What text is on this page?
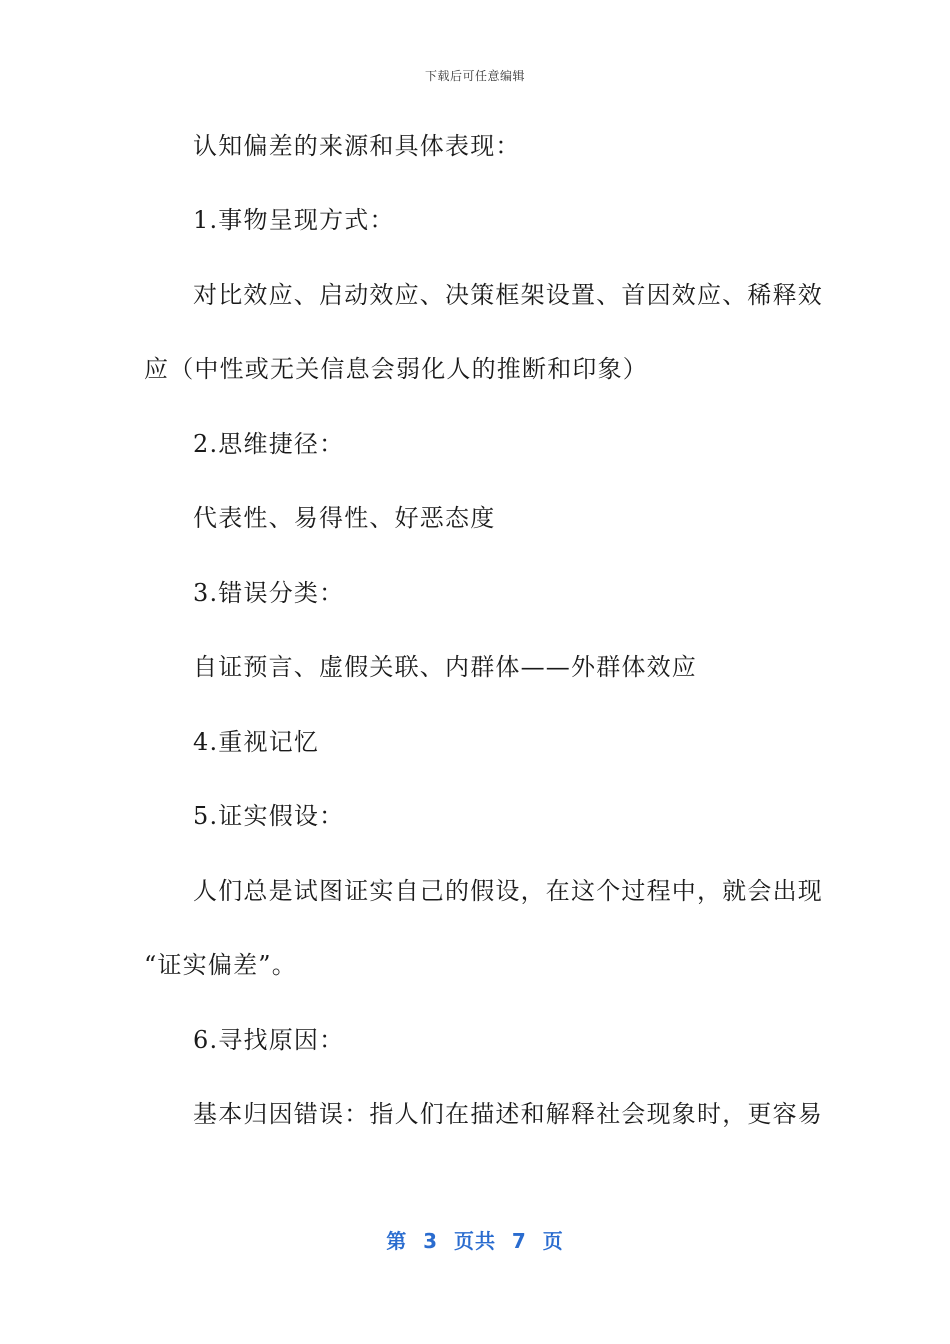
下载后可任意编辑
认知偏差的来源和具体表现：
1.事物呈现方式：
对比效应、启动效应、决策框架设置、首因效应、稀释效
应（中性或无关信息会弱化人的推断和印象）
2.思维捷径：
代表性、易得性、好恶态度
3.错误分类：
自证预言、虚假关联、内群体——外群体效应
4.重视记忆
5.证实假设：
人们总是试图证实自己的假设，在这个过程中，就会出现
“证实偏差”。
6.寻找原因：
基本归因错误：指人们在描述和解释社会现象时，更容易
第  3  页共  7  页
